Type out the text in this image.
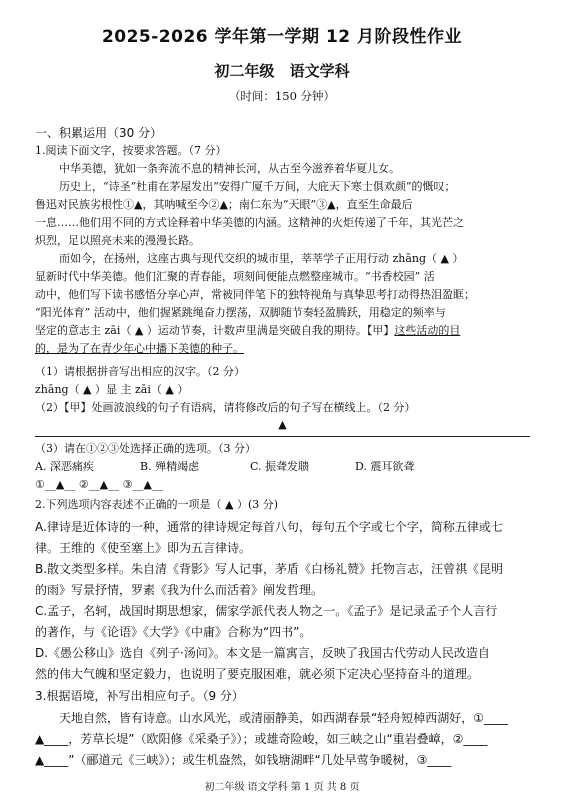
2025-2026 学年第一学期 12 月阶段性作业
初二年级 语文学科
（时间：150 分钟）
一、积累运用（30 分）
1.阅读下面文字，按要求答题。（7 分）
中华美德，犹如一条奔流不息的精神长河，从古至今滋养着华夏儿女。
历史上，“诗圣”杜甫在茅屋发出“安得广厦千万间，大庇天下寒士俱欢颜”的慨叹；
鲁迅对民族劣根性①▲，其呐喊至今②▲；南仁东为“天眼”③▲，直至生命最后
一息……他们用不同的方式诠释着中华美德的内涵。这精神的火炬传递了千年，其光芒之
炽烈，足以照亮未来的漫漫长路。
而如今，在扬州，这座古典与现代交织的城市里，莘莘学子正用行动 zhāng（ ▲ ）
显新时代中华美德。他们汇聚的青春能，项刻间便能点燃整座城市。“书香校园” 活
动中，他们写下读书感悟分享心声，常被同伴笔下的独特视角与真挚思考打动得热泪盈眶；
“阳光体育” 活动中，他们握紧跳绳奋力摆荡，双脚随节奏轻盈腾跃，用稳定的频率与
坚定的意志主 zāi（ ▲ ）运动节奏，计数声里满是突破自我的期待。【甲】这些活动的目
的，是为了在青少年心中播下美德的种子。
（1）请根据拼音写出相应的汉字。（2 分）
zhāng（ ▲ ）显 主 zāi（ ▲ ）
（2）【甲】处画波浪线的句子有语病，请将修改后的句子写在横线上。（2 分）
▲
（3）请在①②③处选择正确的选项。（3 分）
A. 深恶痛疾	B. 殚精竭虑	C. 振聋发聩	D. 震耳欲聋
①__▲__ ②__▲__ ③__▲__
2.下列选项内容表述不正确的一项是（ ▲ ）(3 分)
A.律诗是近体诗的一种，通常的律诗规定每首八句，每句五个字或七个字，简称五律或七
律。王维的《使至塞上》即为五言律诗。
B.散文类型多样。朱自清《背影》写人记事，茅盾《白杨礼赞》托物言志，汪曾祺《昆明
的雨》写景抒情，罗素《我为什么而活着》阐发哲理。
C.孟子，名轲，战国时期思想家，儒家学派代表人物之一。《孟子》是记录孟子个人言行
的著作，与《论语》《大学》《中庸》合称为“四书”。
D.《愚公移山》选自《列子·汤问》。本文是一篇寓言，反映了我国古代劳动人民改造自
然的伟大气魄和坚定毅力，也说明了要克服困难，就必须下定决心坚持奋斗的道理。
3.根据语境，补写出相应句子。（9 分）
天地自然，皆有诗意。山水风光，或清丽静美，如西湖春景“轻舟短棹西湖好，①____
▲____，芳草长堤”（欧阳修《采桑子》）；或雄奇险峻，如三峡之山“重岩叠嶂，②____
▲____”（郦道元《三峡》）；或生机盎然，如钱塘湖畔“几处早莺争暖树，③____
初二年级 语文学科 第 1 页 共 8 页
